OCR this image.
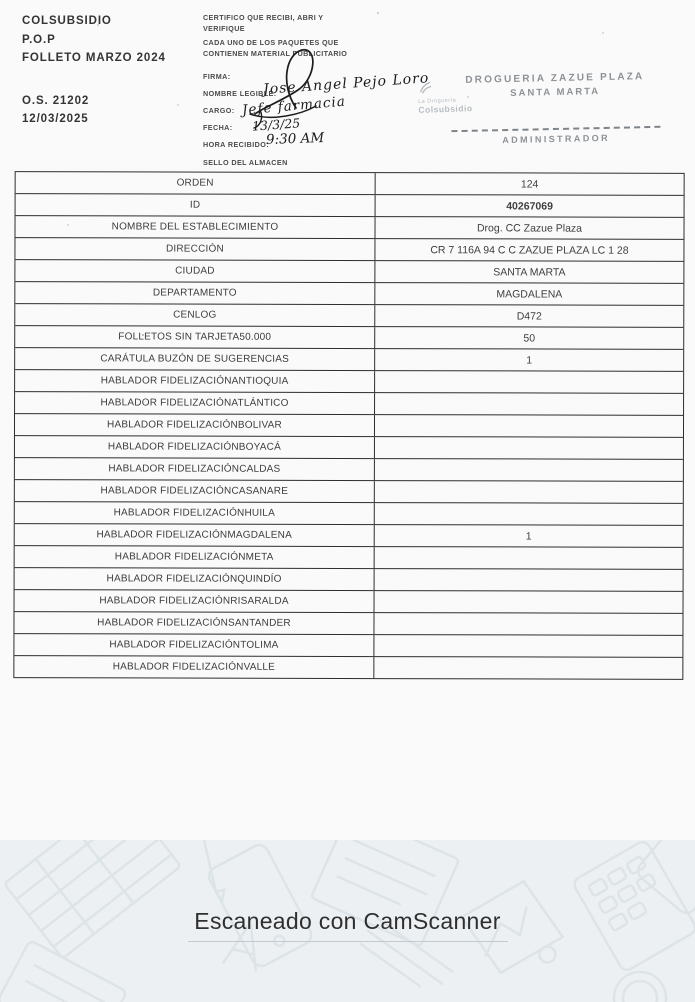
COLSUBSIDIO
P.O.P
FOLLETO MARZO 2024
O.S. 21202
12/03/2025
CERTIFICO QUE RECIBI, ABRI Y
VERIFIQUE
CADA UNO DE LOS PAQUETES QUE
CONTIENEN MATERIAL PUBLICITARIO
FIRMA:
NOMBRE LEGIBLE:
CARGO:
FECHA:
HORA RECIBIDO:
SELLO DEL ALMACEN
Jose Angel Pejo Loro
Jefe farmacia
13/3/25
9:30 AM
La Droguería
Colsubsidio
DROGUERIA ZAZUE PLAZA
SANTA MARTA
ADMINISTRADOR
ORDEN	124
ID	40267069
NOMBRE DEL ESTABLECIMIENTO	Drog. CC Zazue Plaza
DIRECCIÓN	CR 7 116A 94 C C ZAZUE PLAZA LC 1 28
CIUDAD	SANTA MARTA
DEPARTAMENTO	MAGDALENA
CENLOG	D472
FOLLETOS SIN TARJETA50.000	50
CARÁTULA BUZÓN DE SUGERENCIAS	1
HABLADOR FIDELIZACIÓNANTIOQUIA
HABLADOR FIDELIZACIÓNATLÁNTICO
HABLADOR FIDELIZACIÓNBOLIVAR
HABLADOR FIDELIZACIÓNBOYACÁ
HABLADOR FIDELIZACIÓNCALDAS
HABLADOR FIDELIZACIÓNCASANARE
HABLADOR FIDELIZACIÓNHUILA
HABLADOR FIDELIZACIÓNMAGDALENA	1
HABLADOR FIDELIZACIÓNMETA
HABLADOR FIDELIZACIÓNQUINDÍO
HABLADOR FIDELIZACIÓNRISARALDA
HABLADOR FIDELIZACIÓNSANTANDER
HABLADOR FIDELIZACIÓNTOLIMA
HABLADOR FIDELIZACIÓNVALLE
Escaneado con CamScanner
